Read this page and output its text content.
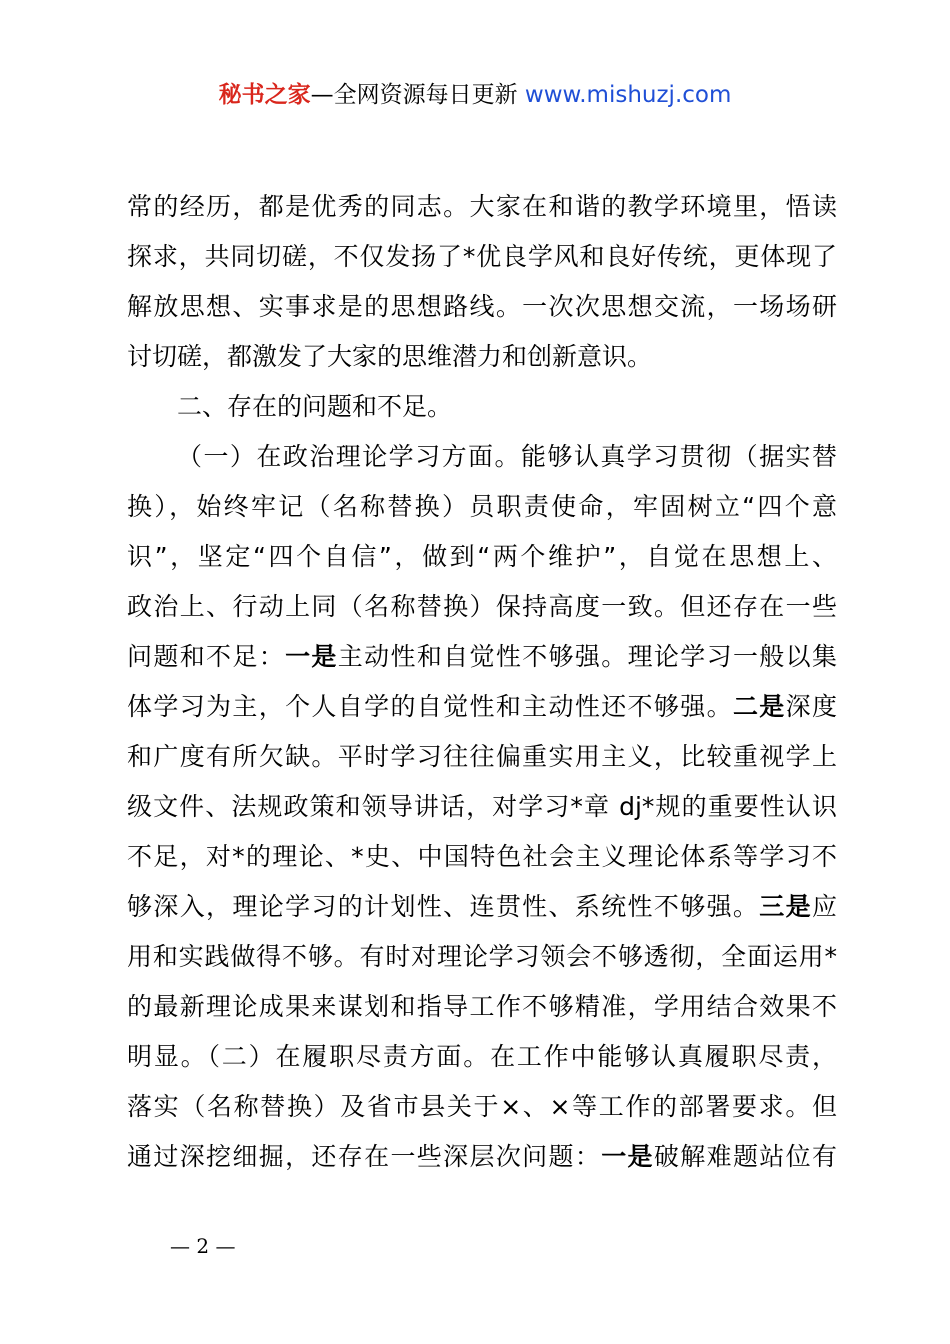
秘书之家—全网资源每日更新 www.mishuzj.com
常的经历，都是优秀的同志。大家在和谐的教学环境里，悟读
探求，共同切磋，不仅发扬了*优良学风和良好传统，更体现了
解放思想、实事求是的思想路线。一次次思想交流，一场场研
讨切磋，都激发了大家的思维潜力和创新意识。
二、存在的问题和不足。
（一）在政治理论学习方面。能够认真学习贯彻（据实替
换），始终牢记（名称替换）员职责使命，牢固树立“四个意
识”，坚定“四个自信”，做到“两个维护”，自觉在思想上、
政治上、行动上同（名称替换）保持高度一致。但还存在一些
问题和不足：一是主动性和自觉性不够强。理论学习一般以集
体学习为主，个人自学的自觉性和主动性还不够强。二是深度
和广度有所欠缺。平时学习往往偏重实用主义，比较重视学上
级文件、法规政策和领导讲话，对学习*章 dj*规的重要性认识
不足，对*的理论、*史、中国特色社会主义理论体系等学习不
够深入，理论学习的计划性、连贯性、系统性不够强。三是应
用和实践做得不够。有时对理论学习领会不够透彻，全面运用*
的最新理论成果来谋划和指导工作不够精准，学用结合效果不
明显。（二）在履职尽责方面。在工作中能够认真履职尽责，
落实（名称替换）及省市县关于×、×等工作的部署要求。但
通过深挖细掘，还存在一些深层次问题：一是破解难题站位有
— 2 —
